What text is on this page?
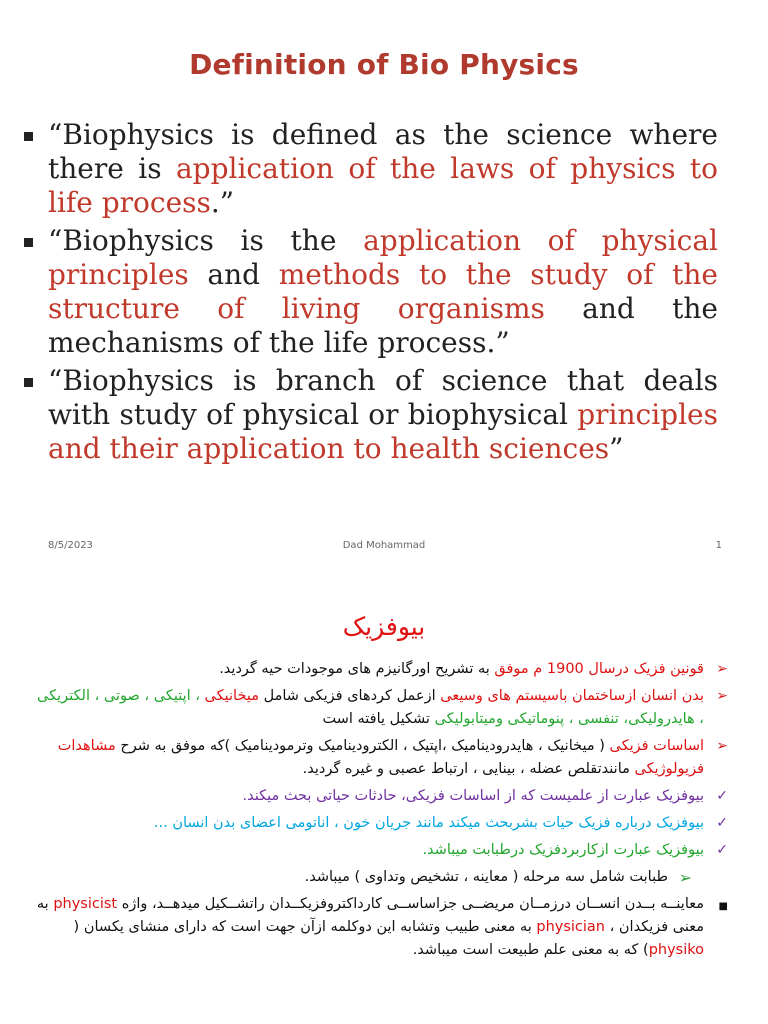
Definition of Bio Physics
“Biophysics is defined as the science where there is application of the laws of physics to life process.”
“Biophysics is the application of physical principles and methods to the study of the structure of living organisms and the mechanisms of the life process.”
“Biophysics is branch of science that deals with study of physical or biophysical principles and their application to health sciences”
8/5/2023	Dad Mohammad	1
بیوفزیک
➢
قونین فزیک درسال 1900 م موفق به تشریح اورگانیزم های موجودات حیه گردید.
➢
بدن انسان ازساختمان باسیستم های وسیعی ازعمل کردهای فزیکی شامل میخانیکی ، اپتیکی ، صوتی ، الکتریکی ، هایدرولیکی، تنفسی ، پنوماتیکی ومیتابولیکی تشکیل یافته است
➢
اساسات فزیکی ( میخانیک ، هایدرودینامیک ،اپتیک ، الکترودینامیک وترمودینامیک )که موفق به شرح مشاهدات فزیولوژیکی مانندتقلص عضله ، بینایی ، ارتباط عصبی و غیره گردید.
✓
بیوفزیک عبارت از علمیست که از اساسات فزیکی، حادثات حیاتی بحث میکند.
✓
بیوفزیک درباره فزیک حیات بشربحث میکند مانند جریان خون ، اناتومی اعضای بدن انسان ...
✓
بیوفزیک عبارت ازکاربردفزیک درطبابت میباشد.
➢
طبابت شامل سه مرحله ( معاینه ، تشخیص وتداوی ) میباشد.
■
معاینــه بــدن انســان درزمــان مریضــی جزاساســی کارداکتروفزیکــدان راتشــکیل میدهــد، واژه physicist به معنی فزیکدان ، physician به معنی طبیب وتشابه این دوکلمه ازآن جهت است که دارای منشای یکسان ( physiko) که به معنی علم طبیعت است میباشد.
